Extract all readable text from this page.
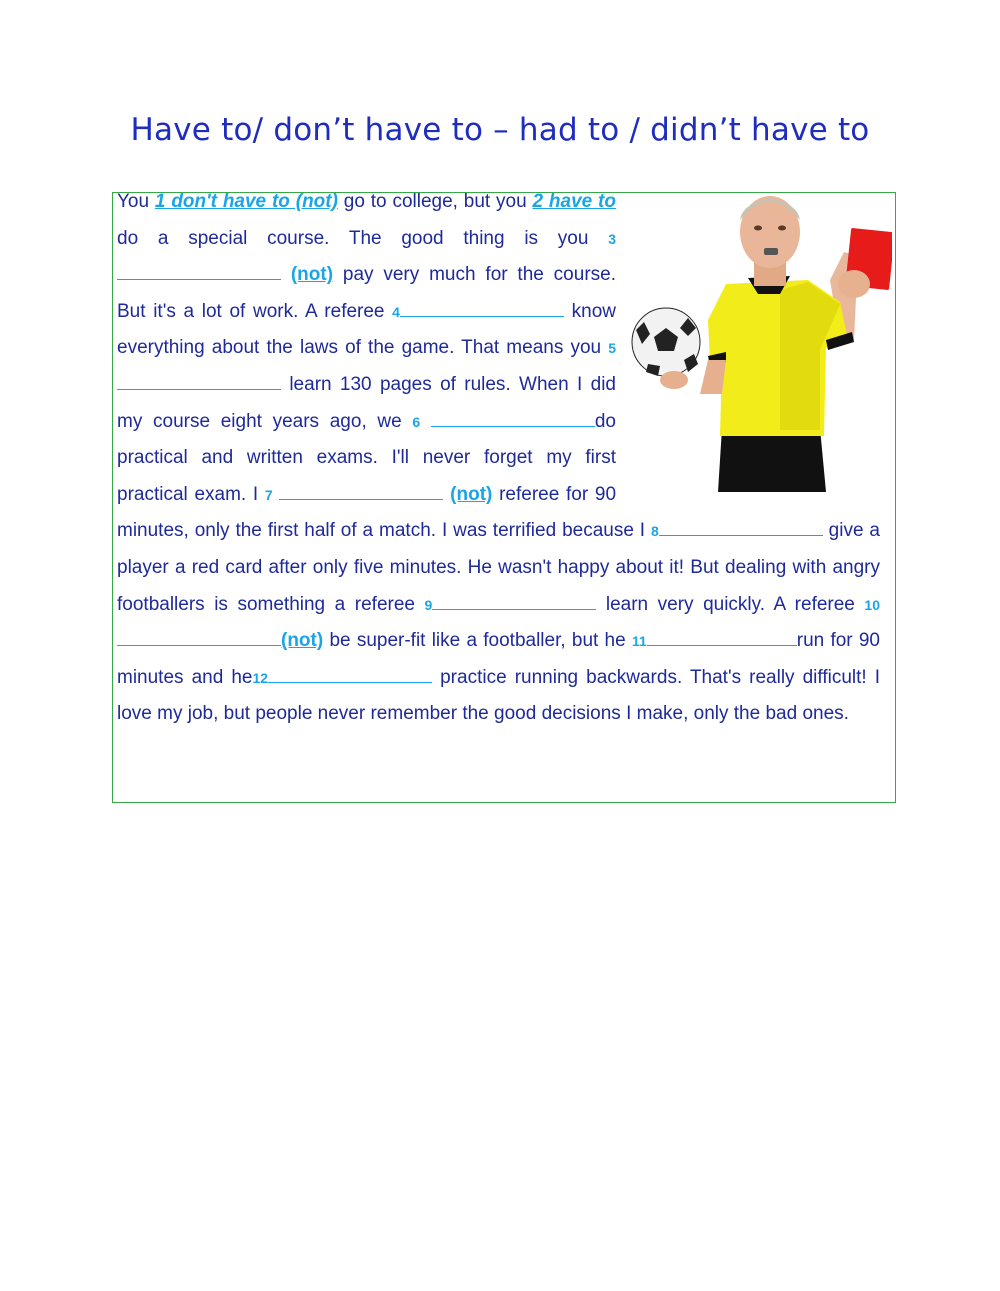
Have to/ don’t have to – had to / didn’t have to

You 1 don't have to (not) go to college, but you 2 have to do a special course. The good thing is you 3 (not) pay very much for the course. But it's a lot of work. A referee 4	know everything about the laws of the game. That means you 5 learn 130 pages of rules. When I did my course eight years ago, we 6	do practical and written exams. I'll never forget my first practical exam. I 7	(not) referee for 90 minutes, only the first half of a match. I was terrified because I 8	give a player a red card after only five minutes. He wasn't happy about it! But dealing with angry footballers is something a referee 9	learn very quickly. A referee 10(not) be super-fit like a footballer, but he 11	run for 90 minutes and he12	practice running backwards. That's really difficult! I love my job, but people never remember the good decisions I make, only the bad ones.
